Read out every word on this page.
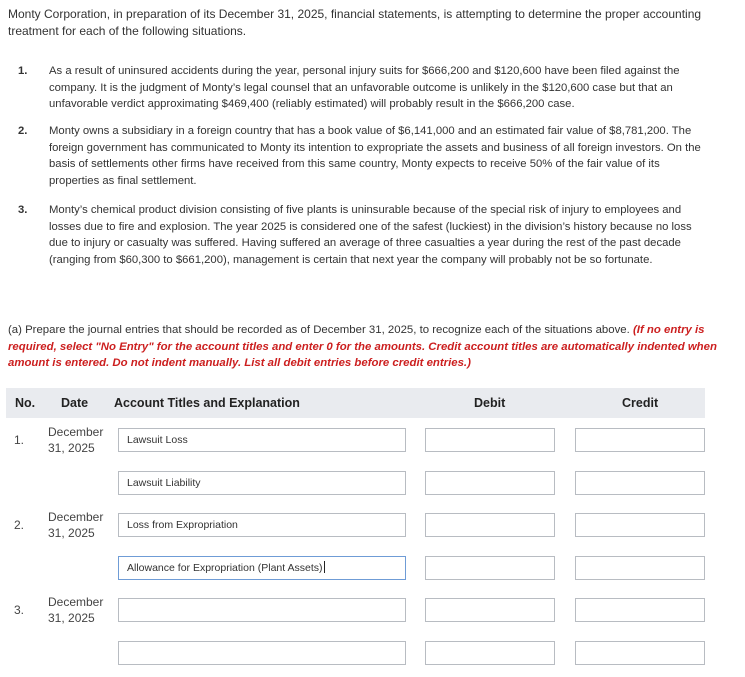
Monty Corporation, in preparation of its December 31, 2025, financial statements, is attempting to determine the proper accounting treatment for each of the following situations.
1. As a result of uninsured accidents during the year, personal injury suits for $666,200 and $120,600 have been filed against the company. It is the judgment of Monty’s legal counsel that an unfavorable outcome is unlikely in the $120,600 case but that an unfavorable verdict approximating $469,400 (reliably estimated) will probably result in the $666,200 case.
2. Monty owns a subsidiary in a foreign country that has a book value of $6,141,000 and an estimated fair value of $8,781,200. The foreign government has communicated to Monty its intention to expropriate the assets and business of all foreign investors. On the basis of settlements other firms have received from this same country, Monty expects to receive 50% of the fair value of its properties as final settlement.
3. Monty’s chemical product division consisting of five plants is uninsurable because of the special risk of injury to employees and losses due to fire and explosion. The year 2025 is considered one of the safest (luckiest) in the division’s history because no loss due to injury or casualty was suffered. Having suffered an average of three casualties a year during the rest of the past decade (ranging from $60,300 to $661,200), management is certain that next year the company will probably not be so fortunate.
(a) Prepare the journal entries that should be recorded as of December 31, 2025, to recognize each of the situations above. (If no entry is required, select "No Entry" for the account titles and enter 0 for the amounts. Credit account titles are automatically indented when amount is entered. Do not indent manually. List all debit entries before credit entries.)
No. Date Account Titles and Explanation	Debit	Credit
1.
December
31, 2025
Lawsuit Loss
Lawsuit Liability
2.
December
31, 2025
Loss from Expropriation
Allowance for Expropriation (Plant Assets)
3.
December
31, 2025
